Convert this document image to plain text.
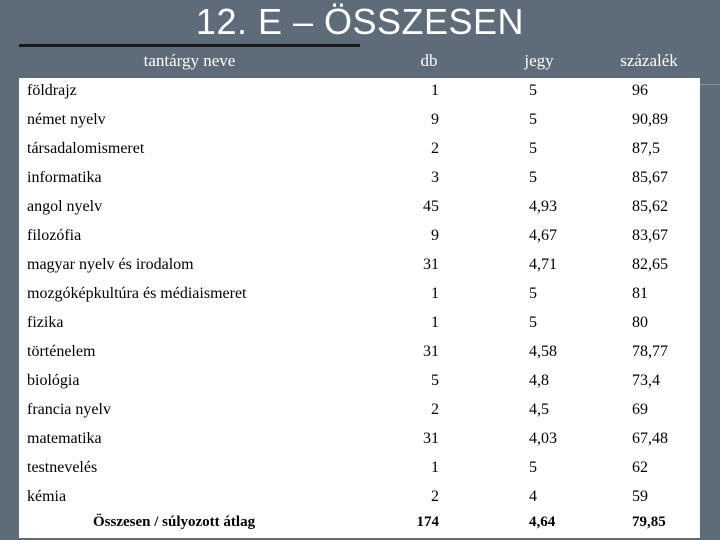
12. E – ÖSSZESEN
tantárgy neve	db	jegy	százalék
földrajz	1	5	96
német nyelv	9	5	90,89
társadalomismeret	2	5	87,5
informatika	3	5	85,67
angol nyelv	45	4,93	85,62
filozófia	9	4,67	83,67
magyar nyelv és irodalom	31	4,71	82,65
mozgóképkultúra és médiaismeret	1	5	81
fizika	1	5	80
történelem	31	4,58	78,77
biológia	5	4,8	73,4
francia nyelv	2	4,5	69
matematika	31	4,03	67,48
testnevelés	1	5	62
kémia	2	4	59
Összesen / súlyozott átlag	174	4,64	79,85
